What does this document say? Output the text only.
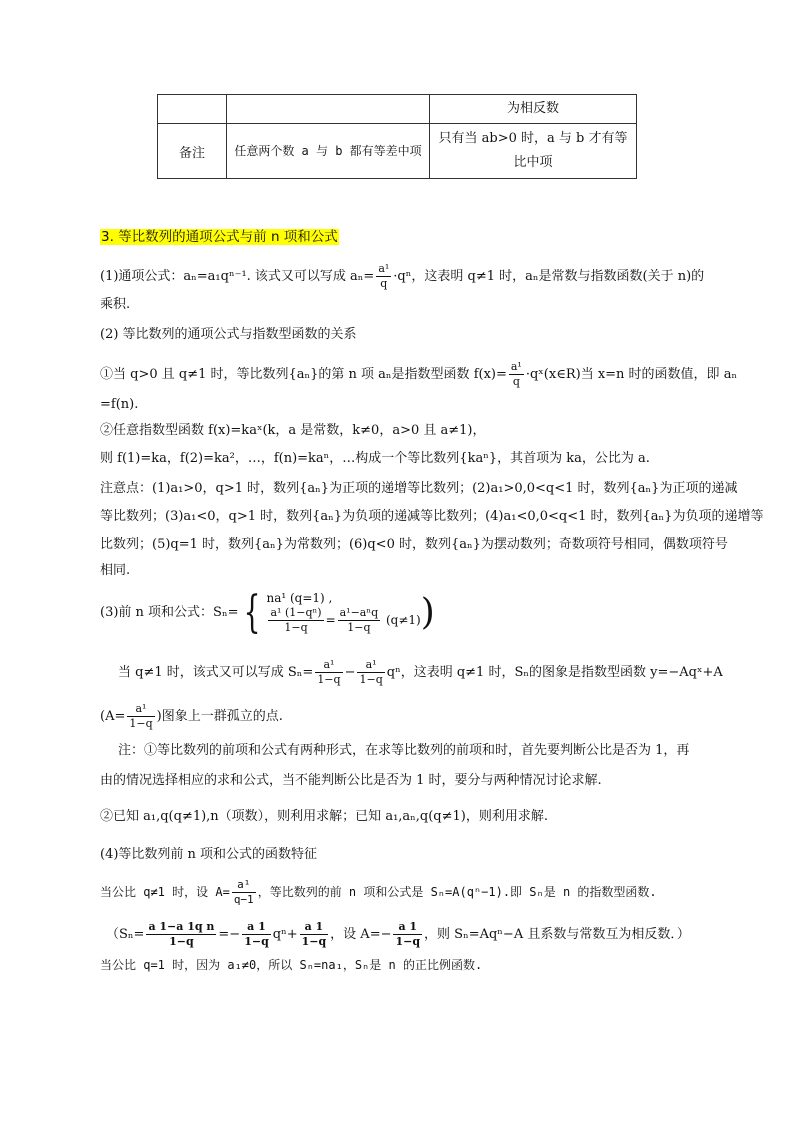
		为相反数
备注	任意两个数 a 与 b 都有等差中项	只有当 ab>0 时，a 与 b 才有等比中项
3. 等比数列的通项公式与前 n 项和公式
(1)通项公式：aₙ=a₁qⁿ⁻¹. 该式又可以写成 $a_n= \frac{\text{a¹}}{q} \cdot q^n$，这表明 q≠1 时，aₙ是常数与指数函数(关于 n)的
乘积.
(2) 等比数列的通项公式与指数型函数的关系
①当 q>0 且 q≠1 时，等比数列{aₙ}的第 n 项 aₙ是指数型函数 $f(x)= \frac{\text{a¹}}{q}$ ·qˣ(x∈R)当 x=n 时的函数值，即 aₙ
=f(n).
②任意指数型函数 f(x)=kaˣ(k，a 是常数，k≠0，a>0 且 a≠1)，
则 f(1)=ka，f(2)=ka²，…，f(n)=kaⁿ，…构成一个等比数列{kaⁿ}，其首项为 ka，公比为 a.
注意点：(1)a₁>0，q>1 时，数列{aₙ}为正项的递增等比数列；(2)a₁>0,0<q<1 时，数列{aₙ}为正项的递减
等比数列；(3)a₁<0，q>1 时，数列{aₙ}为负项的递减等比数列；(4)a₁<0,0<q<1 时，数列{aₙ}为负项的递增等
比数列；(5)q=1 时，数列{aₙ}为常数列；(6)q<0 时，数列{aₙ}为摆动数列；奇数项符号相同，偶数项符号
相同.
(3)前 n 项和公式：Sₙ= { na¹ (q=1) ,
$\frac{\text{a¹ (1−qⁿ)}}{1-q} = \frac{\text{a¹−aⁿq}}{1-q} (q\ne 1)$ )
当 q≠1 时，该式又可以写成 $S_n= \frac{\text{a¹}}{1-q} - \frac{\text{a¹}}{1-q}$ qⁿ，这表明 q≠1 时，Sₙ的图象是指数型函数 y=−Aqˣ+A
($A= \frac{\text{a¹}}{1-q}$ )图象上一群孤立的点.
注：①等比数列的前项和公式有两种形式，在求等比数列的前项和时，首先要判断公比是否为 1，再
由的情况选择相应的求和公式，当不能判断公比是否为 1 时，要分与两种情况讨论求解.
②已知 a₁,q(q≠1),n（项数），则利用求解；已知 a₁,aₙ,q(q≠1)，则利用求解.
(4)等比数列前 n 项和公式的函数特征
当公比 q≠1 时，设 $A= \frac{\text{a¹}}{q-1}$ ，等比数列的前 n 项和公式是 Sₙ=A(qⁿ−1).即 Sₙ是 n 的指数型函数.
（$S_n= \frac{\text{a 1−a 1q n}}{1-q} =- \frac{a 1}{1-q} q^n+ \frac{a 1}{1-q}$ ，设 $A=- \frac{a 1}{1-q}$ ，则 Sₙ=Aqⁿ−A 且系数与常数互为相反数．）
当公比 q=1 时，因为 a₁≠0，所以 Sₙ=na₁，Sₙ是 n 的正比例函数.
